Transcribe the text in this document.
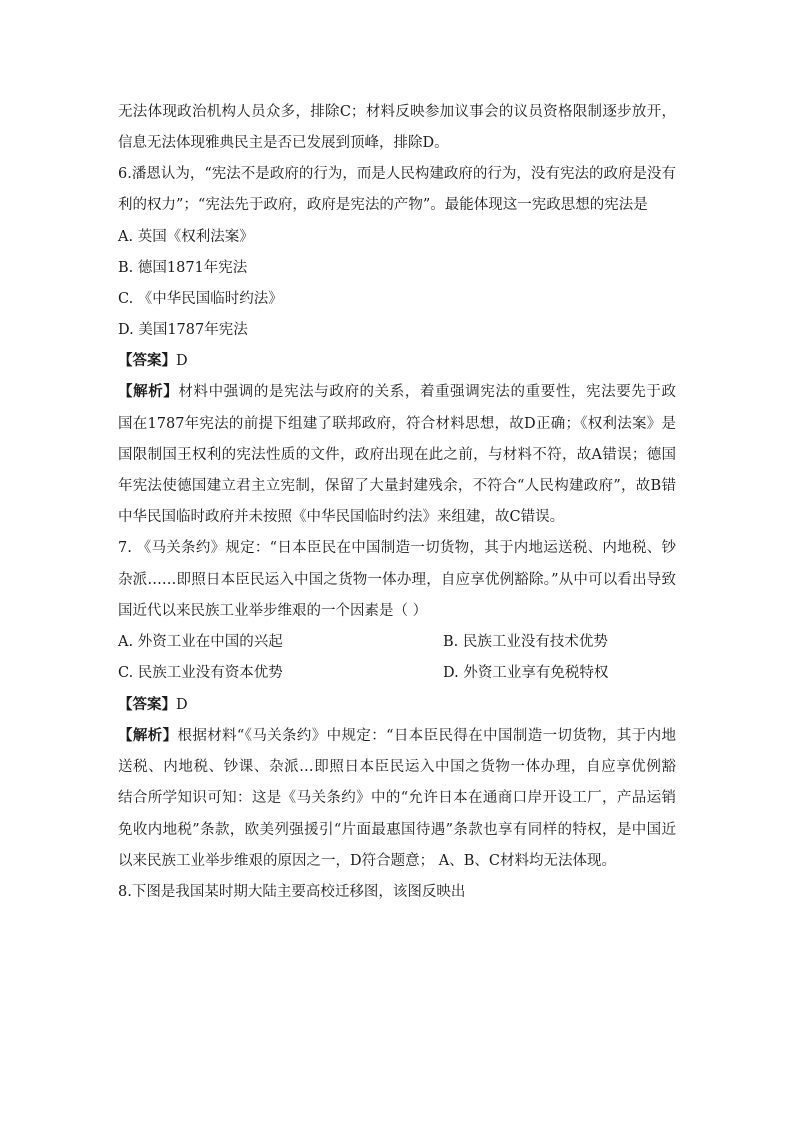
无法体现政治机构人员众多，排除C；材料反映参加议事会的议员资格限制逐步放开，
信息无法体现雅典民主是否已发展到顶峰，排除D。
6.潘恩认为，“宪法不是政府的行为，而是人民构建政府的行为，没有宪法的政府是没有
利的权力”；“宪法先于政府，政府是宪法的产物”。最能体现这一宪政思想的宪法是
A. 英国《权利法案》
B. 德国1871年宪法
C. 《中华民国临时约法》
D. 美国1787年宪法
【答案】D
【解析】材料中强调的是宪法与政府的关系，着重强调宪法的重要性，宪法要先于政
国在1787年宪法的前提下组建了联邦政府，符合材料思想，故D正确；《权利法案》是
国限制国王权利的宪法性质的文件，政府出现在此之前，与材料不符，故A错误；德国
年宪法使德国建立君主立宪制，保留了大量封建残余，不符合“人民构建政府”，故B错
中华民国临时政府并未按照《中华民国临时约法》来组建，故C错误。
7. 《马关条约》规定：“日本臣民在中国制造一切货物，其于内地运送税、内地税、钞
杂派……即照日本臣民运入中国之货物一体办理，自应享优例豁除。”从中可以看出导致
国近代以来民族工业举步维艰的一个因素是（ ）
A. 外资工业在中国的兴起	B. 民族工业没有技术优势
C. 民族工业没有资本优势	D. 外资工业享有免税特权
【答案】D
【解析】根据材料“《马关条约》中规定：“日本臣民得在中国制造一切货物，其于内地
送税、内地税、钞课、杂派…即照日本臣民运入中国之货物一体办理，自应享优例豁
结合所学知识可知：这是《马关条约》中的“允许日本在通商口岸开设工厂，产品运销
免收内地税”条款，欧美列强援引“片面最惠国待遇”条款也享有同样的特权，是中国近
以来民族工业举步维艰的原因之一，D符合题意； A、B、C材料均无法体现。
8.下图是我国某时期大陆主要高校迁移图，该图反映出
